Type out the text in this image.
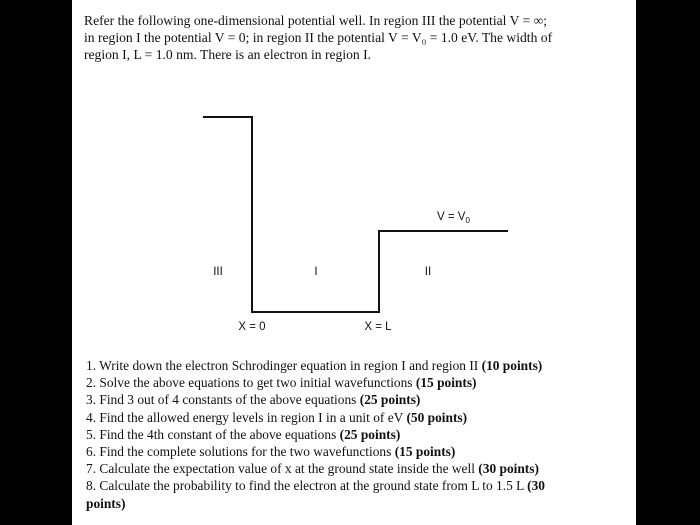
Refer the following one-dimensional potential well. In region III the potential V = ∞;
in region I the potential V = 0; in region II the potential V = V₀ = 1.0 eV. The width of
region I, L = 1.0 nm. There is an electron in region I.
III	I	II
$V = V_0$
X = 0	X = L
1. Write down the electron Schrodinger equation in region I and region II (10 points)
2. Solve the above equations to get two initial wavefunctions (15 points)
3. Find 3 out of 4 constants of the above equations (25 points)
4. Find the allowed energy levels in region I in a unit of eV (50 points)
5. Find the 4th constant of the above equations (25 points)
6. Find the complete solutions for the two wavefunctions (15 points)
7. Calculate the expectation value of x at the ground state inside the well (30 points)
8. Calculate the probability to find the electron at the ground state from L to 1.5 L (30
points)
